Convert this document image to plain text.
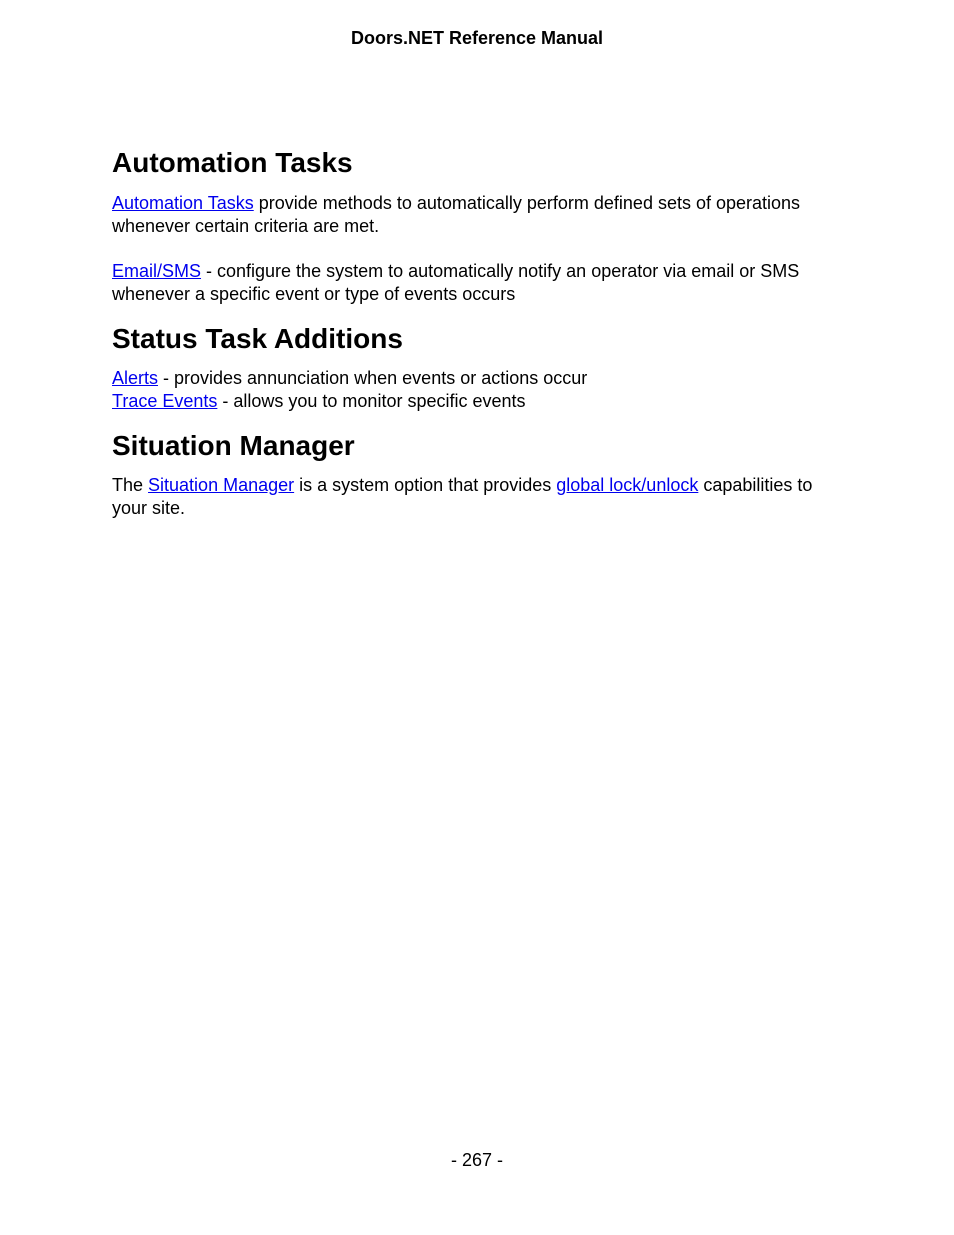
Doors.NET Reference Manual
Automation Tasks

Automation Tasks provide methods to automatically perform defined sets of operations whenever certain criteria are met.

Email/SMS - configure the system to automatically notify an operator via email or SMS whenever a specific event or type of events occurs

Status Task Additions

Alerts - provides annunciation when events or actions occur

Trace Events - allows you to monitor specific events

Situation Manager

The Situation Manager is a system option that provides global lock/unlock capabilities to your site.

- 267 -
